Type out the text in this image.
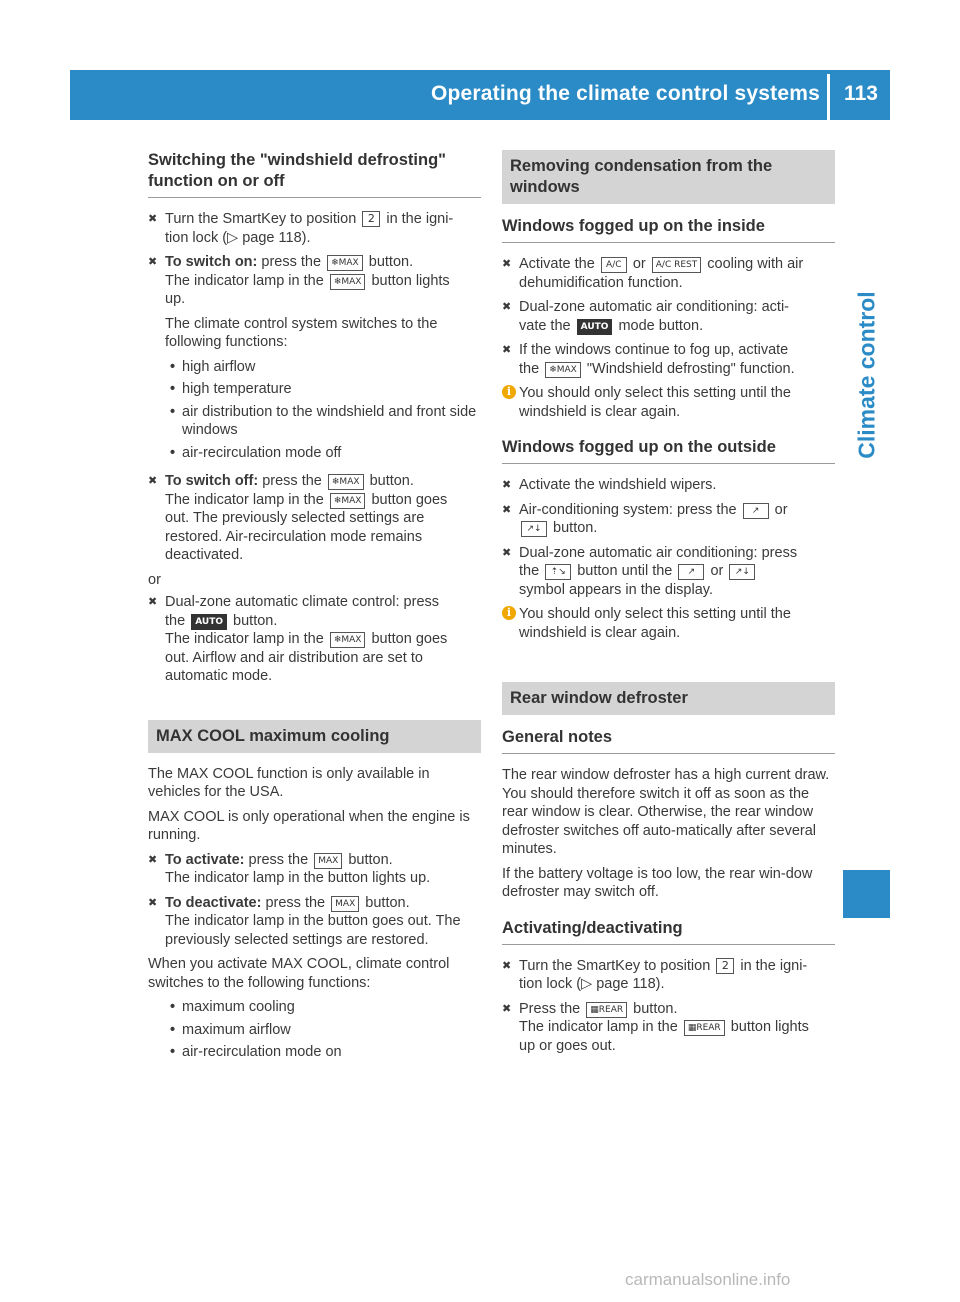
Operating the climate control systems	113
Climate control
Switching the "windshield defrosting" function on or off
✖ Turn the SmartKey to position 2 in the igni-
tion lock (▷ page 118).
✖ To switch on: press the ❄MAX button.
The indicator lamp in the ❄MAX button lights
up.
The climate control system switches to the following functions:
• high airflow
• high temperature
• air distribution to the windshield and front side windows
• air-recirculation mode off
✖ To switch off: press the ❄MAX button.
The indicator lamp in the ❄MAX button goes
out. The previously selected settings are restored. Air-recirculation mode remains deactivated.
or
✖ Dual-zone automatic climate control: press
the AUTO button.
The indicator lamp in the ❄MAX button goes
out. Airflow and air distribution are set to automatic mode.
MAX COOL maximum cooling
The MAX COOL function is only available in vehicles for the USA.
MAX COOL is only operational when the engine is running.
✖ To activate: press the MAX button.
The indicator lamp in the button lights up.
✖ To deactivate: press the MAX button.
The indicator lamp in the button goes out. The previously selected settings are restored.
When you activate MAX COOL, climate control switches to the following functions:
• maximum cooling
• maximum airflow
• air-recirculation mode on
Removing condensation from the windows
Windows fogged up on the inside
✖ Activate the A/C or A/C REST cooling with air
dehumidification function.
✖ Dual-zone automatic air conditioning: acti-
vate the AUTO mode button.
✖ If the windows continue to fog up, activate
the ❄MAX "Windshield defrosting" function.
i You should only select this setting until the windshield is clear again.
Windows fogged up on the outside
✖ Activate the windshield wipers.
✖ Air-conditioning system: press the ↗ or
↗↓ button.
✖ Dual-zone automatic air conditioning: press
the ⇡↘ button until the ↗ or ↗↓
symbol appears in the display.
i You should only select this setting until the windshield is clear again.
Rear window defroster
General notes
The rear window defroster has a high current draw. You should therefore switch it off as soon as the rear window is clear. Otherwise, the rear window defroster switches off auto-matically after several minutes.
If the battery voltage is too low, the rear win-dow defroster may switch off.
Activating/deactivating
✖ Turn the SmartKey to position 2 in the igni-
tion lock (▷ page 118).
✖ Press the ▦REAR button.
The indicator lamp in the ▦REAR button lights
up or goes out.
carmanualsonline.info
